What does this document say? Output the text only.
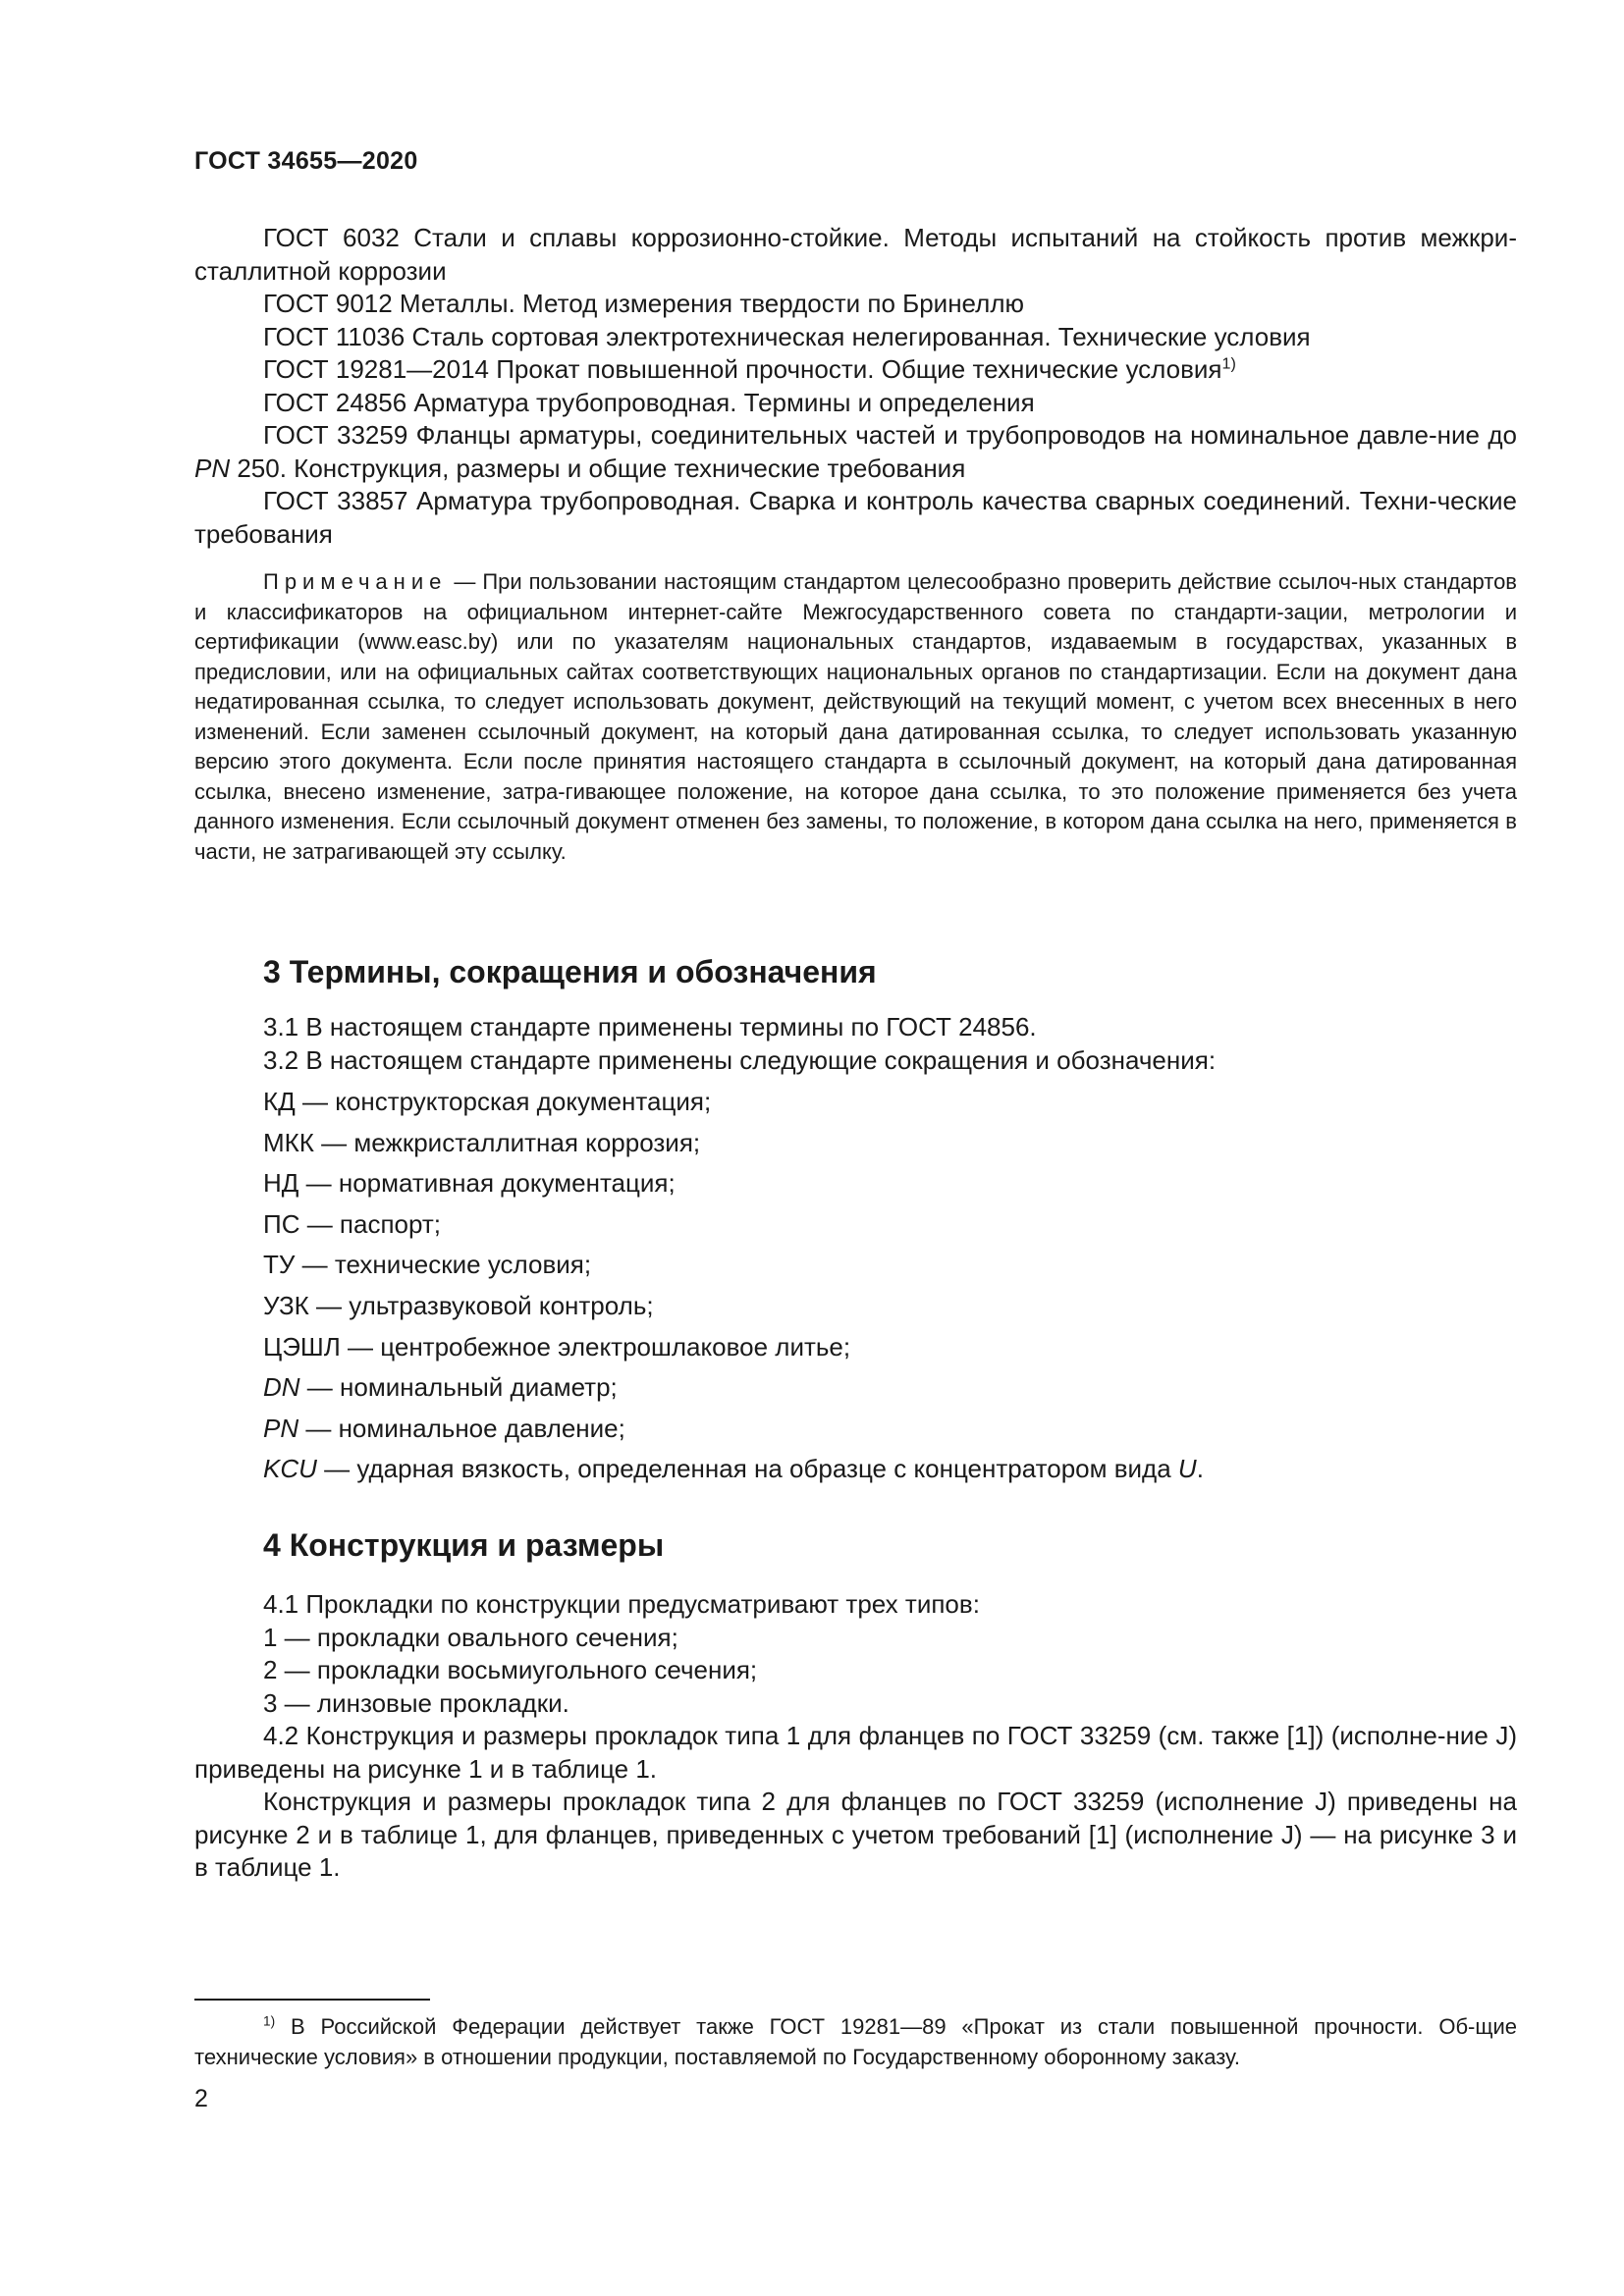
ГОСТ 34655—2020

ГОСТ 6032 Стали и сплавы коррозионно-стойкие. Методы испытаний на стойкость против межкри-сталлитной коррозии

ГОСТ 9012 Металлы. Метод измерения твердости по Бринеллю

ГОСТ 11036 Сталь сортовая электротехническая нелегированная. Технические условия

ГОСТ 19281—2014 Прокат повышенной прочности. Общие технические условия$^{1)}$

ГОСТ 24856 Арматура трубопроводная. Термины и определения

ГОСТ 33259 Фланцы арматуры, соединительных частей и трубопроводов на номинальное давле-ние до PN 250. Конструкция, размеры и общие технические требования

ГОСТ 33857 Арматура трубопроводная. Сварка и контроль качества сварных соединений. Техни-ческие требования

Примечание — При пользовании настоящим стандартом целесообразно проверить действие ссылоч-ных стандартов и классификаторов на официальном интернет-сайте Межгосударственного совета по стандарти-зации, метрологии и сертификации (www.easc.by) или по указателям национальных стандартов, издаваемым в государствах, указанных в предисловии, или на официальных сайтах соответствующих национальных органов по стандартизации. Если на документ дана недатированная ссылка, то следует использовать документ, действующий на текущий момент, с учетом всех внесенных в него изменений. Если заменен ссылочный документ, на который дана датированная ссылка, то следует использовать указанную версию этого документа. Если после принятия настоящего стандарта в ссылочный документ, на который дана датированная ссылка, внесено изменение, затра-гивающее положение, на которое дана ссылка, то это положение применяется без учета данного изменения. Если ссылочный документ отменен без замены, то положение, в котором дана ссылка на него, применяется в части, не затрагивающей эту ссылку.

3 Термины, сокращения и обозначения

3.1 В настоящем стандарте применены термины по ГОСТ 24856.

3.2 В настоящем стандарте применены следующие сокращения и обозначения:

КД — конструкторская документация;
МКК — межкристаллитная коррозия;
НД — нормативная документация;
ПС — паспорт;
ТУ — технические условия;
УЗК — ультразвуковой контроль;
ЦЭШЛ — центробежное электрошлаковое литье;
DN — номинальный диаметр;
PN — номинальное давление;
KCU — ударная вязкость, определенная на образце с концентратором вида U.
4 Конструкция и размеры

4.1 Прокладки по конструкции предусматривают трех типов:

1 — прокладки овального сечения;

2 — прокладки восьмиугольного сечения;

3 — линзовые прокладки.

4.2 Конструкция и размеры прокладок типа 1 для фланцев по ГОСТ 33259 (см. также [1]) (исполне-ние J) приведены на рисунке 1 и в таблице 1.

Конструкция и размеры прокладок типа 2 для фланцев по ГОСТ 33259 (исполнение J) приведены на рисунке 2 и в таблице 1, для фланцев, приведенных с учетом требований [1] (исполнение J) — на рисунке 3 и в таблице 1.

$^{1)}$ В Российской Федерации действует также ГОСТ 19281—89 «Прокат из стали повышенной прочности. Об-щие технические условия» в отношении продукции, поставляемой по Государственному оборонному заказу.

2
